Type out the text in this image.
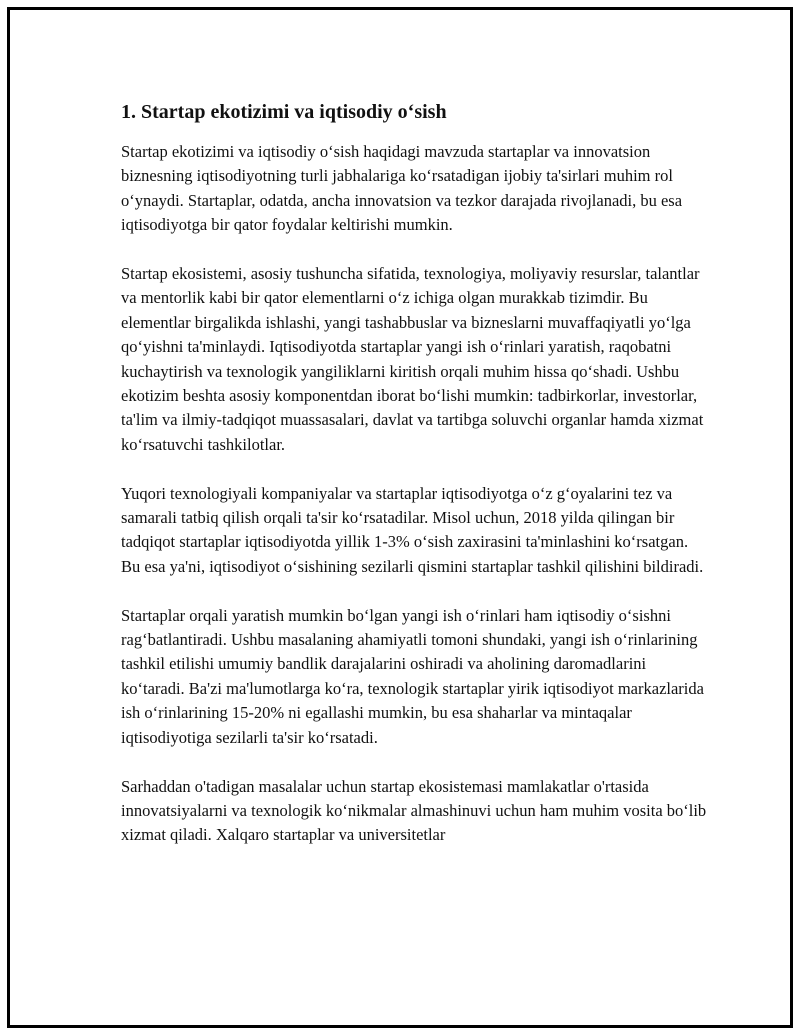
1. Startap ekotizimi va iqtisodiy o‘sish

Startap ekotizimi va iqtisodiy o‘sish haqidagi mavzuda startaplar va innovatsion biznesning iqtisodiyotning turli jabhalariga ko‘rsatadigan ijobiy ta'sirlari muhim rol o‘ynaydi. Startaplar, odatda, ancha innovatsion va tezkor darajada rivojlanadi, bu esa iqtisodiyotga bir qator foydalar keltirishi mumkin.

Startap ekosistemi, asosiy tushuncha sifatida, texnologiya, moliyaviy resurslar, talantlar va mentorlik kabi bir qator elementlarni o‘z ichiga olgan murakkab tizimdir. Bu elementlar birgalikda ishlashi, yangi tashabbuslar va bizneslarni muvaffaqiyatli yo‘lga qo‘yishni ta'minlaydi. Iqtisodiyotda startaplar yangi ish o‘rinlari yaratish, raqobatni kuchaytirish va texnologik yangiliklarni kiritish orqali muhim hissa qo‘shadi. Ushbu ekotizim beshta asosiy komponentdan iborat bo‘lishi mumkin: tadbirkorlar, investorlar, ta'lim va ilmiy-tadqiqot muassasalari, davlat va tartibga soluvchi organlar hamda xizmat ko‘rsatuvchi tashkilotlar.

Yuqori texnologiyali kompaniyalar va startaplar iqtisodiyotga o‘z g‘oyalarini tez va samarali tatbiq qilish orqali ta'sir ko‘rsatadilar. Misol uchun, 2018 yilda qilingan bir tadqiqot startaplar iqtisodiyotda yillik 1-3% o‘sish zaxirasini ta'minlashini ko‘rsatgan. Bu esa ya'ni, iqtisodiyot o‘sishining sezilarli qismini startaplar tashkil qilishini bildiradi.

Startaplar orqali yaratish mumkin bo‘lgan yangi ish o‘rinlari ham iqtisodiy o‘sishni rag‘batlantiradi. Ushbu masalaning ahamiyatli tomoni shundaki, yangi ish o‘rinlarining tashkil etilishi umumiy bandlik darajalarini oshiradi va aholining daromadlarini ko‘taradi. Ba'zi ma'lumotlarga ko‘ra, texnologik startaplar yirik iqtisodiyot markazlarida ish o‘rinlarining 15-20% ni egallashi mumkin, bu esa shaharlar va mintaqalar iqtisodiyotiga sezilarli ta'sir ko‘rsatadi.

Sarhaddan o'tadigan masalalar uchun startap ekosistemasi mamlakatlar o'rtasida innovatsiyalarni va texnologik ko‘nikmalar almashinuvi uchun ham muhim vosita bo‘lib xizmat qiladi. Xalqaro startaplar va universitetlar
